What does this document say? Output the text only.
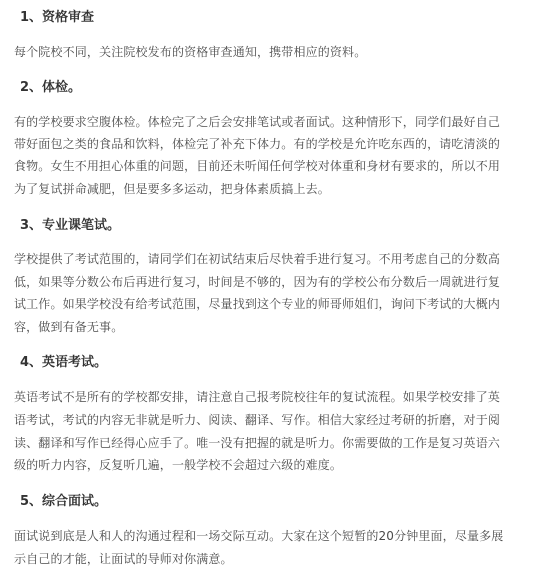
1、资格审查
每个院校不同，关注院校发布的资格审查通知，携带相应的资料。
2、体检。
有的学校要求空腹体检。体检完了之后会安排笔试或者面试。这种情形下，同学们最好自己
带好面包之类的食品和饮料，体检完了补充下体力。有的学校是允许吃东西的，请吃清淡的
食物。女生不用担心体重的问题，目前还未听闻任何学校对体重和身材有要求的，所以不用
为了复试拼命减肥，但是要多多运动，把身体素质搞上去。
3、专业课笔试。
学校提供了考试范围的，请同学们在初试结束后尽快着手进行复习。不用考虑自己的分数高
低，如果等分数公布后再进行复习，时间是不够的，因为有的学校公布分数后一周就进行复
试工作。如果学校没有给考试范围，尽量找到这个专业的师哥师姐们，询问下考试的大概内
容，做到有备无事。
4、英语考试。
英语考试不是所有的学校都安排，请注意自己报考院校往年的复试流程。如果学校安排了英
语考试，考试的内容无非就是听力、阅读、翻译、写作。相信大家经过考研的折磨，对于阅
读、翻译和写作已经得心应手了。唯一没有把握的就是听力。你需要做的工作是复习英语六
级的听力内容，反复听几遍，一般学校不会超过六级的难度。
5、综合面试。
面试说到底是人和人的沟通过程和一场交际互动。大家在这个短暂的20分钟里面，尽量多展
示自己的才能，让面试的导师对你满意。
